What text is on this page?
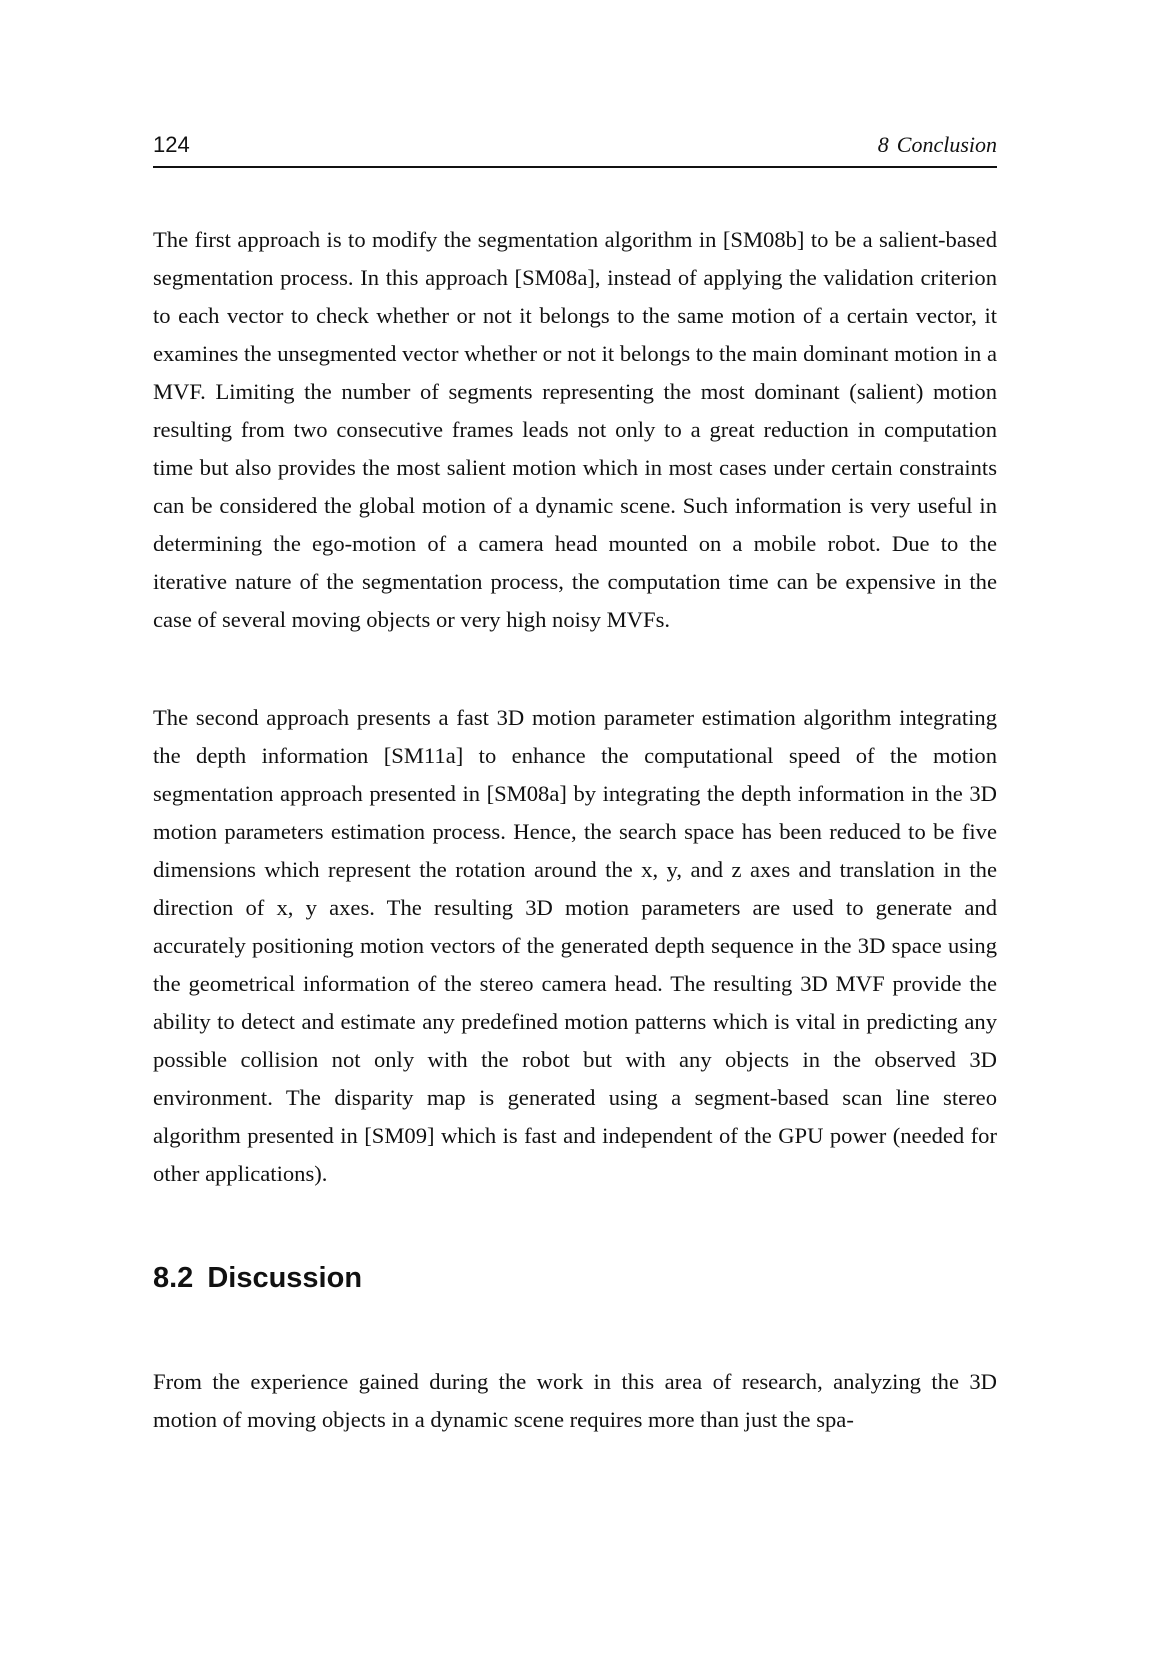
124	8 Conclusion

The first approach is to modify the segmentation algorithm in [SM08b] to be a salient-based segmentation process. In this approach [SM08a], instead of applying the validation criterion to each vector to check whether or not it belongs to the same motion of a certain vector, it examines the unsegmented vector whether or not it belongs to the main dominant motion in a MVF. Limiting the number of segments representing the most dominant (salient) motion resulting from two consecutive frames leads not only to a great reduction in computation time but also provides the most salient motion which in most cases under certain constraints can be considered the global motion of a dynamic scene. Such information is very useful in determining the ego-motion of a camera head mounted on a mobile robot. Due to the iterative nature of the segmentation process, the computation time can be expensive in the case of several moving objects or very high noisy MVFs.

The second approach presents a fast 3D motion parameter estimation algorithm integrating the depth information [SM11a] to enhance the computational speed of the motion segmentation approach presented in [SM08a] by integrating the depth information in the 3D motion parameters estimation process. Hence, the search space has been reduced to be five dimensions which represent the rotation around the x, y, and z axes and translation in the direction of x, y axes. The resulting 3D motion parameters are used to generate and accurately positioning motion vectors of the generated depth sequence in the 3D space using the geometrical information of the stereo camera head. The resulting 3D MVF provide the ability to detect and estimate any predefined motion patterns which is vital in predicting any possible collision not only with the robot but with any objects in the observed 3D environment. The disparity map is generated using a segment-based scan line stereo algorithm presented in [SM09] which is fast and independent of the GPU power (needed for other applications).

8.2 Discussion

From the experience gained during the work in this area of research, analyzing the 3D motion of moving objects in a dynamic scene requires more than just the spa-
